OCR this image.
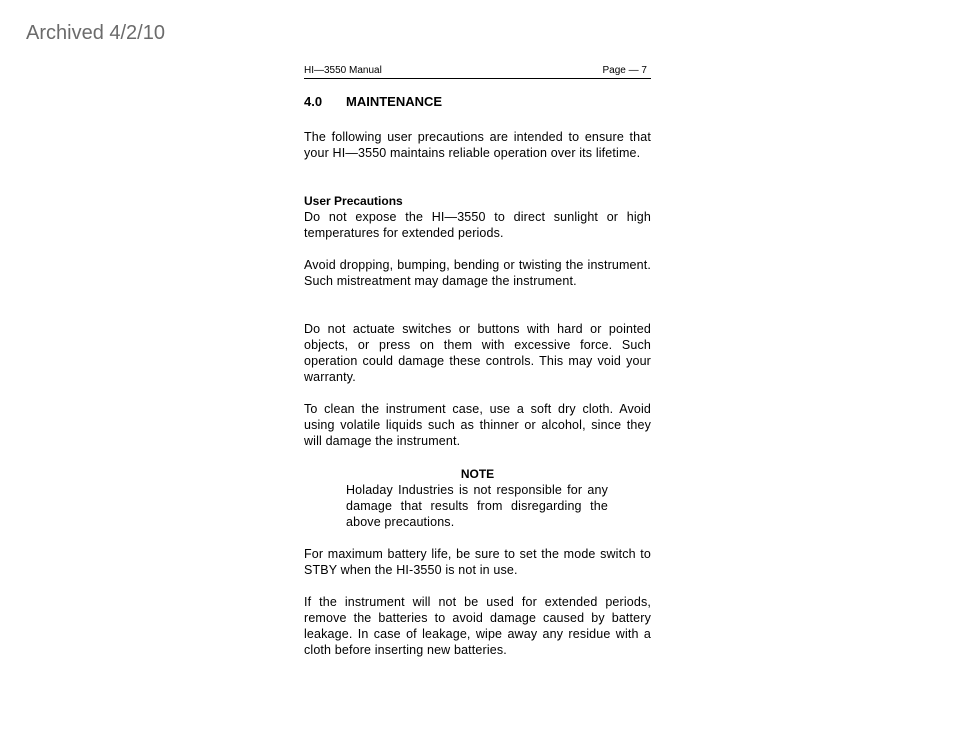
Archived 4/2/10
HI—3550 Manual	Page — 7
4.0 MAINTENANCE
The following user precautions are intended to ensure that your HI—3550 maintains reliable operation over its lifetime.
User Precautions
Do not expose the HI—3550 to direct sunlight or high temperatures for extended periods.
Avoid dropping, bumping, bending or twisting the instrument. Such mistreatment may damage the instrument.
Do not actuate switches or buttons with hard or pointed objects, or press on them with excessive force. Such operation could damage these controls. This may void your warranty.
To clean the instrument case, use a soft dry cloth. Avoid using volatile liquids such as thinner or alcohol, since they will damage the instrument.
NOTE
Holaday Industries is not responsible for any damage that results from disregarding the above precautions.
For maximum battery life, be sure to set the mode switch to STBY when the HI-3550 is not in use.
If the instrument will not be used for extended periods, remove the batteries to avoid damage caused by battery leakage. In case of leakage, wipe away any residue with a cloth before inserting new batteries.
